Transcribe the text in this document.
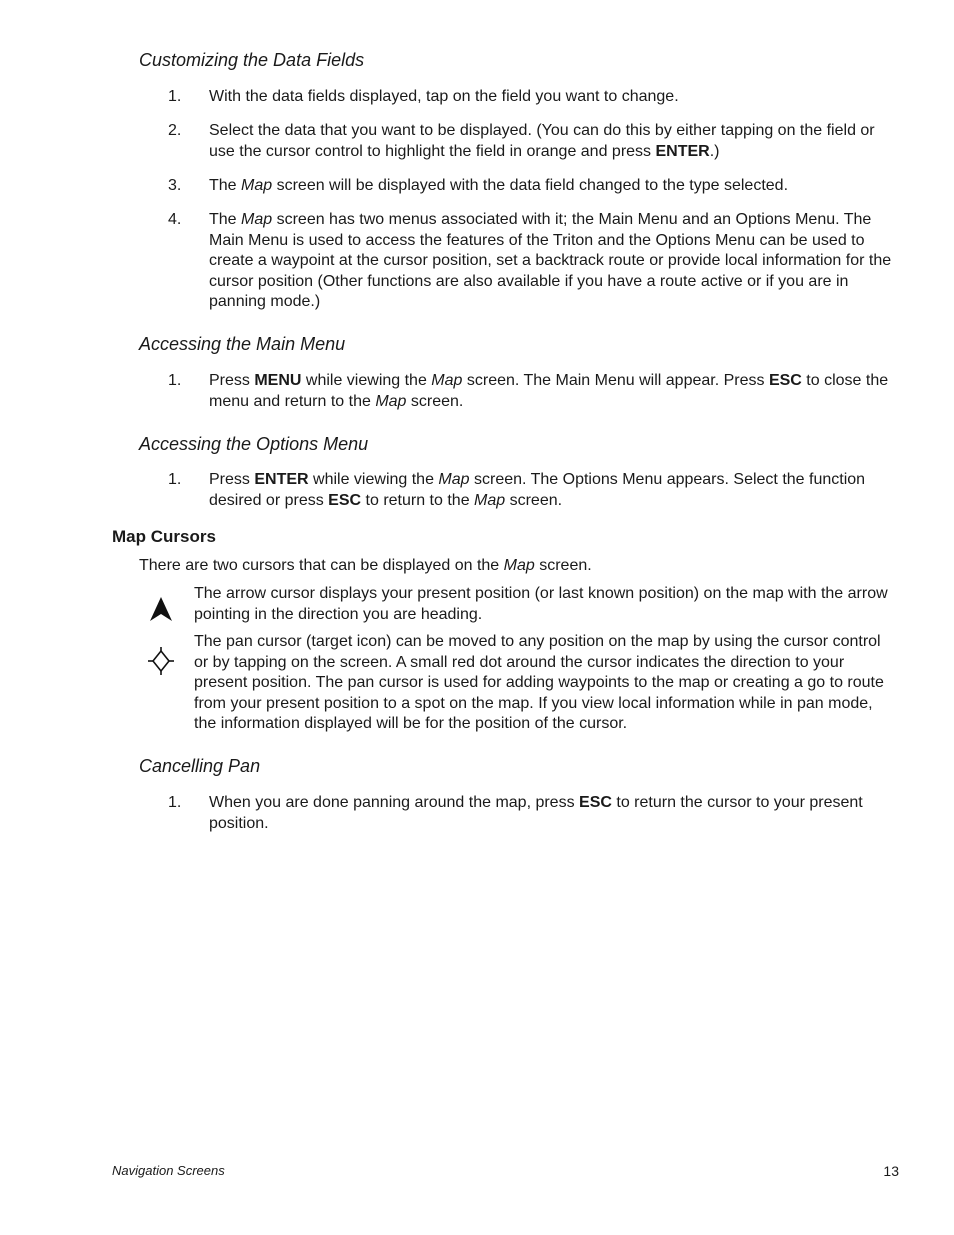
Customizing the Data Fields
1. With the data fields displayed, tap on the field you want to change.
2. Select the data that you want to be displayed. (You can do this by either tapping on the field or use the cursor control to highlight the field in orange and press ENTER.)
3. The Map screen will be displayed with the data field changed to the type selected.
4. The Map screen has two menus associated with it; the Main Menu and an Options Menu. The Main Menu is used to access the features of the Triton and the Options Menu can be used to create a waypoint at the cursor position, set a backtrack route or provide local information for the cursor position (Other functions are also available if you have a route active or if you are in panning mode.)
Accessing the Main Menu
1. Press MENU while viewing the Map screen. The Main Menu will appear. Press ESC to close the menu and return to the Map screen.
Accessing the Options Menu
1. Press ENTER while viewing the Map screen. The Options Menu appears. Select the function desired or press ESC to return to the Map screen.
Map Cursors

There are two cursors that can be displayed on the Map screen.

The arrow cursor displays your present position (or last known position) on the map with the arrow pointing in the direction you are heading.
The pan cursor (target icon) can be moved to any position on the map by using the cursor control or by tapping on the screen. A small red dot around the cursor indicates the direction to your present position. The pan cursor is used for adding waypoints to the map or creating a go to route from your present position to a spot on the map. If you view local information while in pan mode, the information displayed will be for the position of the cursor.
Cancelling Pan
1. When you are done panning around the map, press ESC to return the cursor to your present position.
Navigation Screens	13
